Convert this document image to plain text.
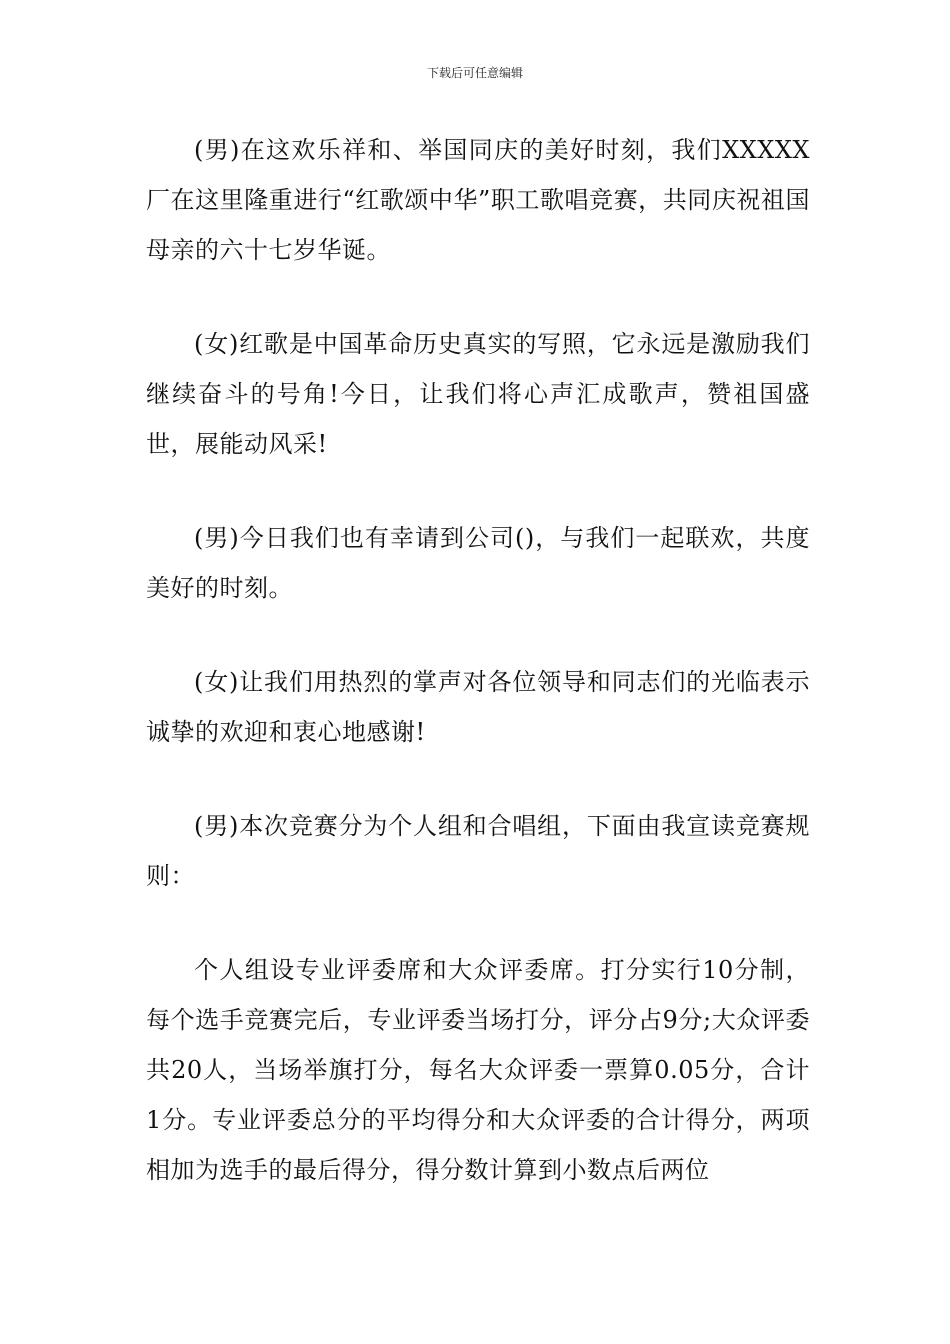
下载后可任意编辑

(男)在这欢乐祥和、举国同庆的美好时刻，我们XXXXX厂在这里隆重进行“红歌颂中华”职工歌唱竞赛，共同庆祝祖国母亲的六十七岁华诞。

(女)红歌是中国革命历史真实的写照，它永远是激励我们继续奋斗的号角!今日，让我们将心声汇成歌声，赞祖国盛世，展能动风采!

(男)今日我们也有幸请到公司()，与我们一起联欢，共度美好的时刻。

(女)让我们用热烈的掌声对各位领导和同志们的光临表示诚挚的欢迎和衷心地感谢!

(男)本次竞赛分为个人组和合唱组，下面由我宣读竞赛规则：

个人组设专业评委席和大众评委席。打分实行10分制，每个选手竞赛完后，专业评委当场打分，评分占9分;大众评委共20人，当场举旗打分，每名大众评委一票算0.05分，合计1分。专业评委总分的平均得分和大众评委的合计得分，两项相加为选手的最后得分，得分数计算到小数点后两位
